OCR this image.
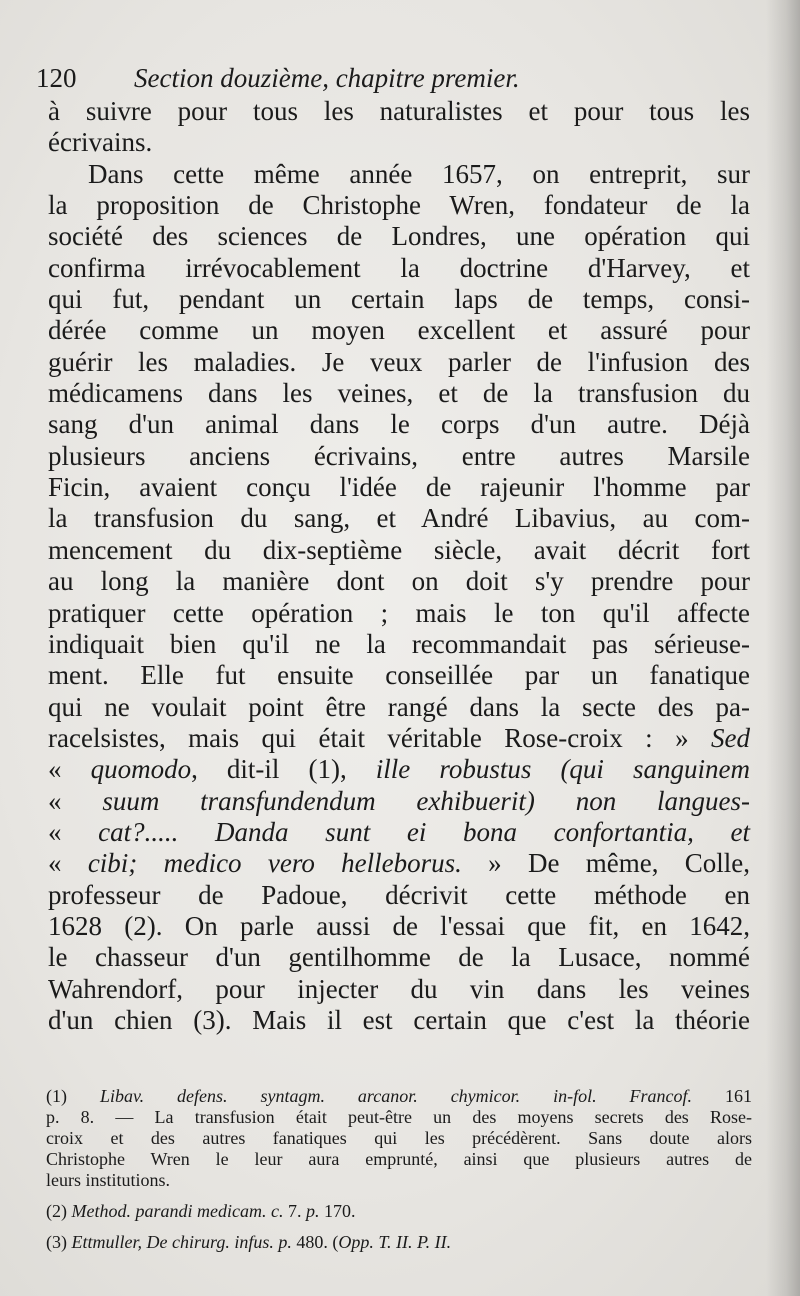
120 Section douzième, chapitre premier.
à suivre pour tous les naturalistes et pour tous les
écrivains.
Dans cette même année 1657, on entreprit, sur
la proposition de Christophe Wren, fondateur de la
société des sciences de Londres, une opération qui
confirma irrévocablement la doctrine d'Harvey, et
qui fut, pendant un certain laps de temps, consi-
dérée comme un moyen excellent et assuré pour
guérir les maladies. Je veux parler de l'infusion des
médicamens dans les veines, et de la transfusion du
sang d'un animal dans le corps d'un autre. Déjà
plusieurs anciens écrivains, entre autres Marsile
Ficin, avaient conçu l'idée de rajeunir l'homme par
la transfusion du sang, et André Libavius, au com-
mencement du dix-septième siècle, avait décrit fort
au long la manière dont on doit s'y prendre pour
pratiquer cette opération ; mais le ton qu'il affecte
indiquait bien qu'il ne la recommandait pas sérieuse-
ment. Elle fut ensuite conseillée par un fanatique
qui ne voulait point être rangé dans la secte des pa-
racelsistes, mais qui était véritable Rose-croix : » Sed
« quomodo, dit-il (1), ille robustus (qui sanguinem
« suum transfundendum exhibuerit) non langues-
« cat?..... Danda sunt ei bona confortantia, et
« cibi; medico vero helleborus. » De même, Colle,
professeur de Padoue, décrivit cette méthode en
1628 (2). On parle aussi de l'essai que fit, en 1642,
le chasseur d'un gentilhomme de la Lusace, nommé
Wahrendorf, pour injecter du vin dans les veines
d'un chien (3). Mais il est certain que c'est la théorie
(1) Libav. defens. syntagm. arcanor. chymicor. in-fol. Francof. 161
p. 8. — La transfusion était peut-être un des moyens secrets des Rose-
croix et des autres fanatiques qui les précédèrent. Sans doute alors
Christophe Wren le leur aura emprunté, ainsi que plusieurs autres de
leurs institutions.
(2) Method. parandi medicam. c. 7. p. 170.
(3) Ettmuller, De chirurg. infus. p. 480. (Opp. T. II. P. II.
